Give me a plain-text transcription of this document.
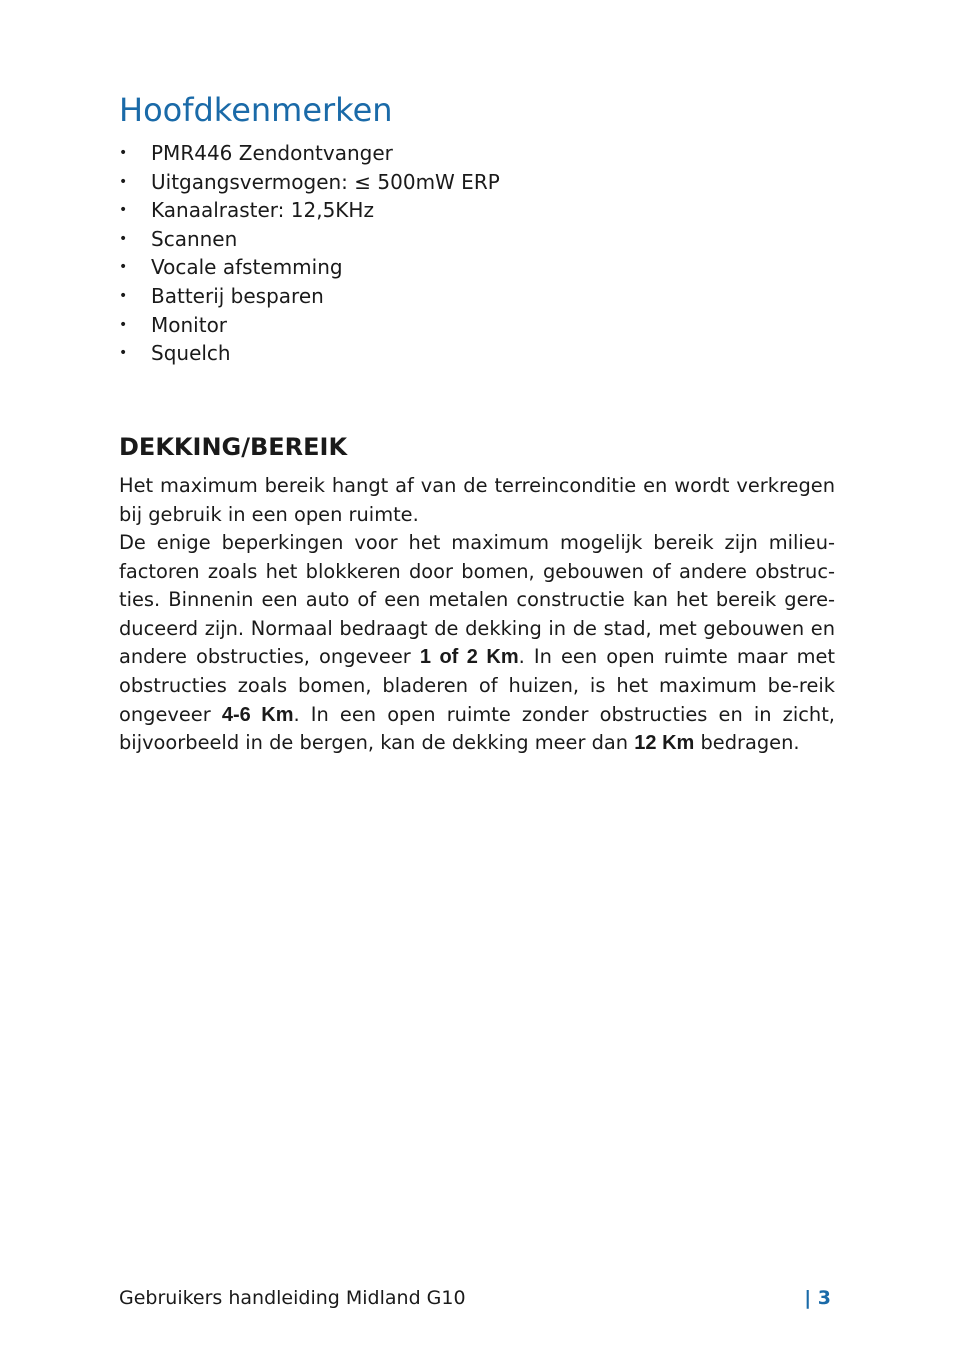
Hoofdkenmerken
• PMR446 Zendontvanger
• Uitgangsvermogen: ≤ 500mW ERP
• Kanaalraster: 12,5KHz
• Scannen
• Vocale afstemming
• Batterij besparen
• Monitor
• Squelch
DEKKING/BEREIK

Het maximum bereik hangt af van de terreinconditie en wordt verkregen bij gebruik in een open ruimte.

De enige beperkingen voor het maximum mogelijk bereik zijn milieu-factoren zoals het blokkeren door bomen, gebouwen of andere obstruc-ties. Binnenin een auto of een metalen constructie kan het bereik gere-duceerd zijn. Normaal bedraagt de dekking in de stad, met gebouwen en andere obstructies, ongeveer 1 of 2 Km. In een open ruimte maar met obstructies zoals bomen, bladeren of huizen, is het maximum be-reik ongeveer 4-6 Km. In een open ruimte zonder obstructies en in zicht, bijvoorbeeld in de bergen, kan de dekking meer dan 12 Km bedragen.

Gebruikers handleiding Midland G10	| 3
